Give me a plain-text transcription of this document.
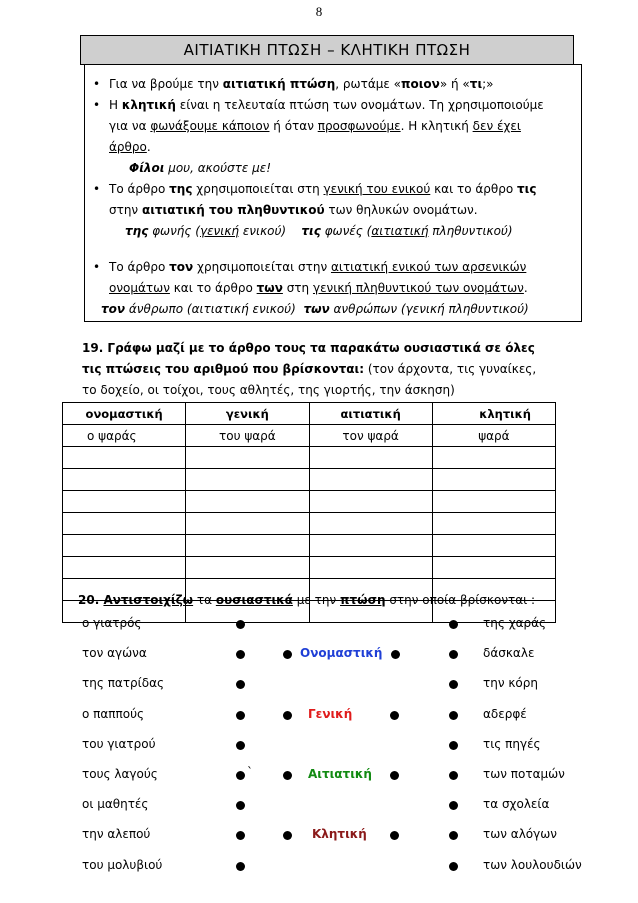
8
ΑΙΤΙΑΤΙΚΗ ΠΤΩΣΗ – ΚΛΗΤΙΚΗ ΠΤΩΣΗ
• Για να βρούμε την αιτιατική πτώση, ρωτάμε «ποιον» ή «τι;»
• Η κλητική είναι η τελευταία πτώση των ονομάτων. Τη χρησιμοποιούμε
για να φωνάξουμε κάποιον ή όταν προσφωνούμε. Η κλητική δεν έχει
άρθρο.
Φίλοι μου, ακούστε με!
• Το άρθρο της χρησιμοποιείται στη γενική του ενικού και το άρθρο τις
στην αιτιατική του πληθυντικού των θηλυκών ονομάτων.
της φωνής (γενική ενικού)    τις φωνές (αιτιατική πληθυντικού)
• Το άρθρο τον χρησιμοποιείται στην αιτιατική ενικού των αρσενικών
ονομάτων και το άρθρο των στη γενική πληθυντικού των ονομάτων.
τον άνθρωπο (αιτιατική ενικού)  των ανθρώπων (γενική πληθυντικού)
19. Γράφω μαζί με το άρθρο τους τα παρακάτω ουσιαστικά σε όλες
τις πτώσεις του αριθμού που βρίσκονται: (τον άρχοντα, τις γυναίκες,
το δοχείο, οι τοίχοι, τους αθλητές, της γιορτής, την άσκηση)
ονομαστική	γενική	αιτιατική	κλητική
ο ψαράς	του ψαρά	τον ψαρά	ψαρά

20. Αντιστοιχίζω τα ουσιαστικά με την πτώση στην οποία βρίσκονται :
ο γιατρός	της χαράς
τον αγώνα	δάσκαλε
Ονομαστική
της πατρίδας	την κόρη
ο παππούς	αδερφέ
Γενική
του γιατρού	τις πηγές
τους λαγούς	των ποταμών
Αιτιατική
`
οι μαθητές	τα σχολεία
την αλεπού	των αλόγων
Κλητική
του μολυβιού	των λουλουδιών
